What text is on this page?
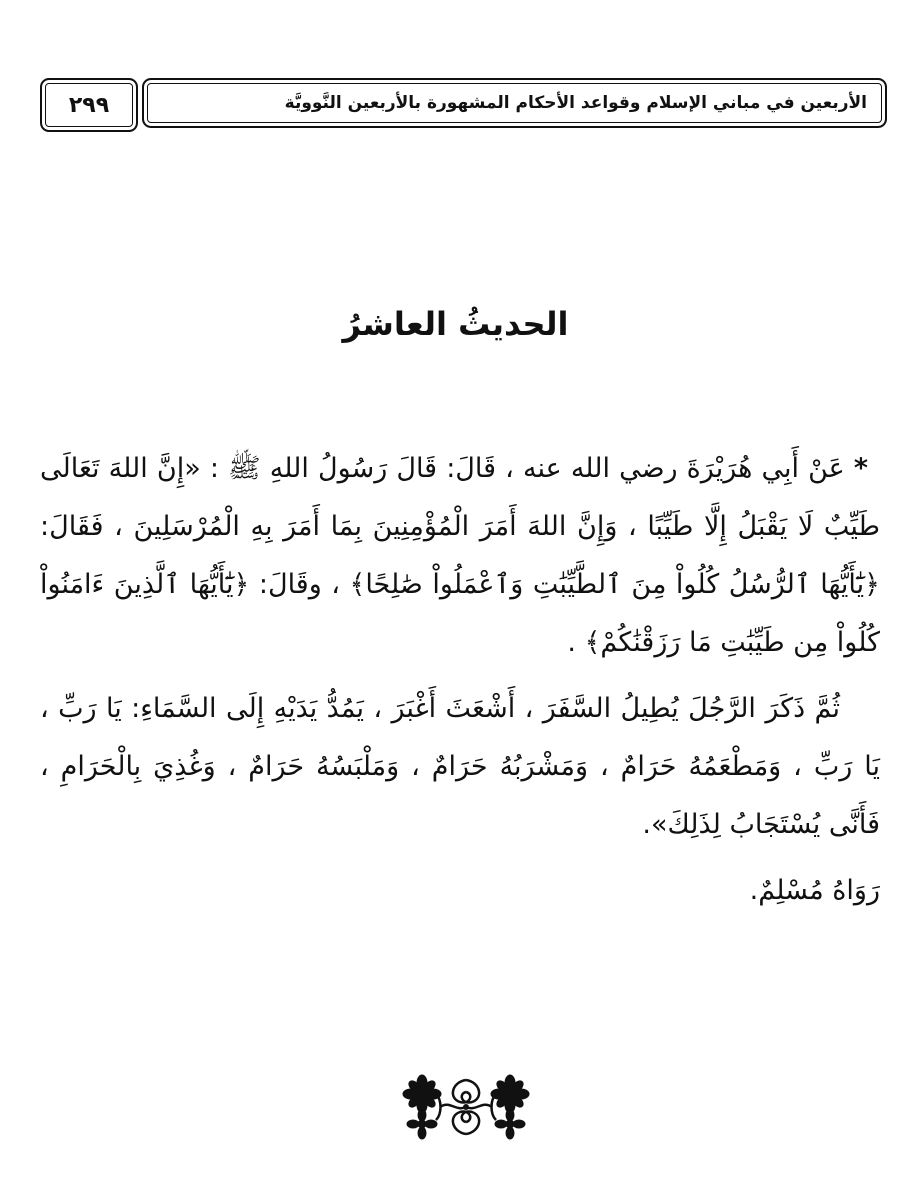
٢٩٩	الأربعين في مباني الإسلام وقواعد الأحكام المشهورة بالأربعين النَّوويَّة
الحديثُ العاشرُ

* عَنْ أَبِي هُرَيْرَةَ رضي الله عنه ، قَالَ: قَالَ رَسُولُ اللهِ ﷺ : «إِنَّ اللهَ تَعَالَى طَيِّبٌ لَا يَقْبَلُ إِلَّا طَيِّبًا ، وَإِنَّ اللهَ أَمَرَ الْمُؤْمِنِينَ بِمَا أَمَرَ بِهِ الْمُرْسَلِينَ ، فَقَالَ: ﴿يَٰٓأَيُّهَا ٱلرُّسُلُ كُلُواْ مِنَ ٱلطَّيِّبَٰتِ وَٱعْمَلُواْ صَٰلِحًا﴾ ، وقَالَ: ﴿يَٰٓأَيُّهَا ٱلَّذِينَ ءَامَنُواْ كُلُواْ مِن طَيِّبَٰتِ مَا رَزَقْنَٰكُمْ﴾ .

ثُمَّ ذَكَرَ الرَّجُلَ يُطِيلُ السَّفَرَ ، أَشْعَثَ أَغْبَرَ ، يَمُدُّ يَدَيْهِ إِلَى السَّمَاءِ: يَا رَبِّ ، يَا رَبِّ ، وَمَطْعَمُهُ حَرَامٌ ، وَمَشْرَبُهُ حَرَامٌ ، وَمَلْبَسُهُ حَرَامٌ ، وَغُذِيَ بِالْحَرَامِ ، فَأَنَّى يُسْتَجَابُ لِذَلِكَ».

رَوَاهُ مُسْلِمٌ.
